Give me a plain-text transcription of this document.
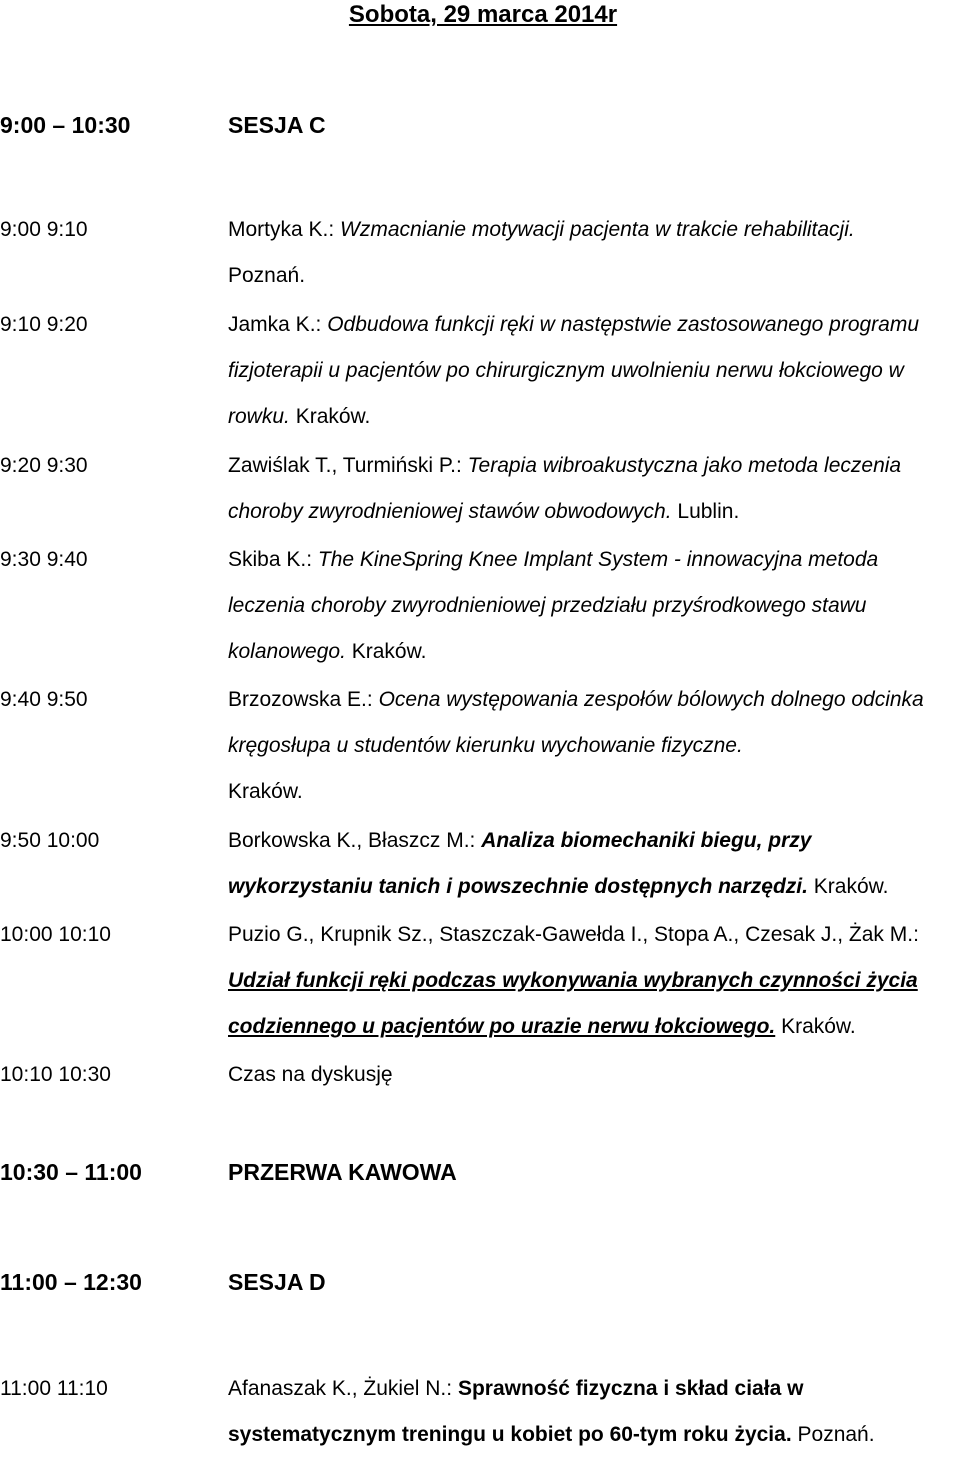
Sobota, 29 marca 2014r
9:00 – 10:30	SESJA C
9:00 9:10	Mortyka K.: Wzmacnianie motywacji pacjenta w trakcie rehabilitacji.
Poznań.
9:10 9:20	Jamka K.: Odbudowa funkcji ręki w następstwie zastosowanego programu fizjoterapii u pacjentów po chirurgicznym uwolnieniu nerwu łokciowego w rowku. Kraków.
9:20 9:30	Zawiślak T., Turmiński P.: Terapia wibroakustyczna jako metoda leczenia choroby zwyrodnieniowej stawów obwodowych. Lublin.
9:30 9:40	Skiba K.: The KineSpring Knee Implant System - innowacyjna metoda leczenia choroby zwyrodnieniowej przedziału przyśrodkowego stawu kolanowego. Kraków.
9:40 9:50	Brzozowska E.: Ocena występowania zespołów bólowych dolnego odcinka kręgosłupa u studentów kierunku wychowanie fizyczne.
Kraków.
9:50 10:00	Borkowska K., Błaszcz M.: Analiza biomechaniki biegu, przy wykorzystaniu tanich i powszechnie dostępnych narzędzi. Kraków.
10:00 10:10	Puzio G., Krupnik Sz., Staszczak-Gawełda I., Stopa A., Czesak J., Żak M.: Udział funkcji ręki podczas wykonywania wybranych czynności życia codziennego u pacjentów po urazie nerwu łokciowego. Kraków.
10:10 10:30	Czas na dyskusję
10:30 – 11:00	PRZERWA KAWOWA
11:00 – 12:30	SESJA D
11:00 11:10	Afanaszak K., Żukiel N.: Sprawność fizyczna i skład ciała w systematycznym treningu u kobiet po 60-tym roku życia. Poznań.
